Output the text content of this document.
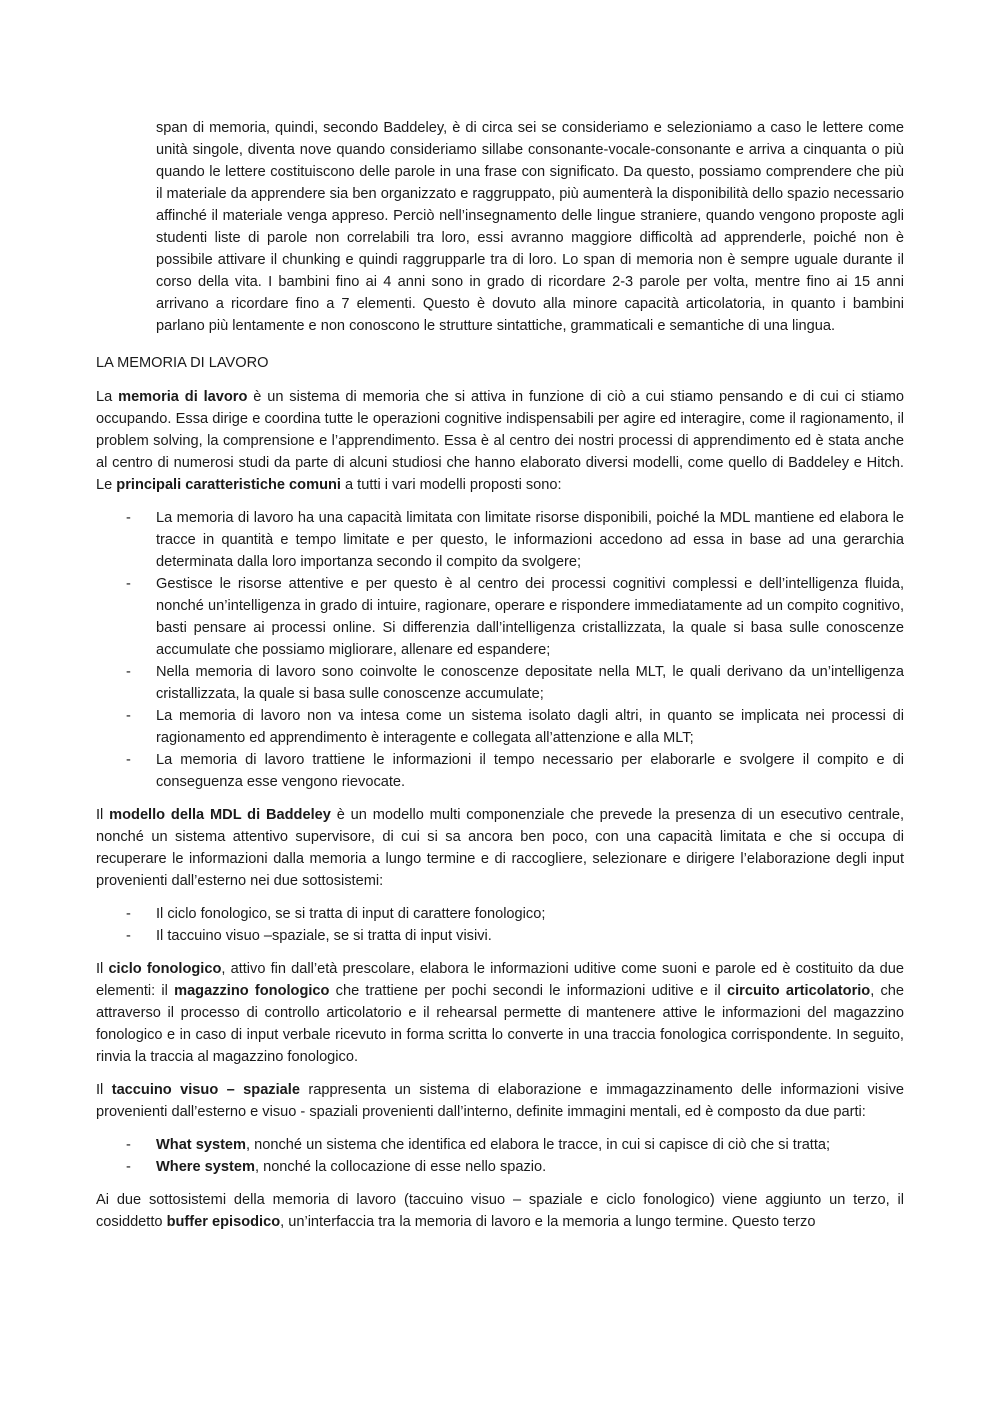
span di memoria, quindi, secondo Baddeley, è di circa sei se consideriamo e selezioniamo a caso le lettere come unità singole, diventa nove quando consideriamo sillabe consonante-vocale-consonante e arriva a cinquanta o più quando le lettere costituiscono delle parole in una frase con significato. Da questo, possiamo comprendere che più il materiale da apprendere sia ben organizzato e raggruppato, più aumenterà la disponibilità dello spazio necessario affinché il materiale venga appreso. Perciò nell’insegnamento delle lingue straniere, quando vengono proposte agli studenti liste di parole non correlabili tra loro, essi avranno maggiore difficoltà ad apprenderle, poiché non è possibile attivare il chunking e quindi raggrupparle tra di loro. Lo span di memoria non è sempre uguale durante il corso della vita. I bambini fino ai 4 anni sono in grado di ricordare 2-3 parole per volta, mentre fino ai 15 anni arrivano a ricordare fino a 7 elementi. Questo è dovuto alla minore capacità articolatoria, in quanto i bambini parlano più lentamente e non conoscono le strutture sintattiche, grammaticali e semantiche di una lingua.

LA MEMORIA DI LAVORO

La memoria di lavoro è un sistema di memoria che si attiva in funzione di ciò a cui stiamo pensando e di cui ci stiamo occupando. Essa dirige e coordina tutte le operazioni cognitive indispensabili per agire ed interagire, come il ragionamento, il problem solving, la comprensione e l’apprendimento. Essa è al centro dei nostri processi di apprendimento ed è stata anche al centro di numerosi studi da parte di alcuni studiosi che hanno elaborato diversi modelli, come quello di Baddeley e Hitch. Le principali caratteristiche comuni a tutti i vari modelli proposti sono:

- La memoria di lavoro ha una capacità limitata con limitate risorse disponibili, poiché la MDL mantiene ed elabora le tracce in quantità e tempo limitate e per questo, le informazioni accedono ad essa in base ad una gerarchia determinata dalla loro importanza secondo il compito da svolgere;
- Gestisce le risorse attentive e per questo è al centro dei processi cognitivi complessi e dell’intelligenza fluida, nonché un’intelligenza in grado di intuire, ragionare, operare e rispondere immediatamente ad un compito cognitivo, basti pensare ai processi online. Si differenzia dall’intelligenza cristallizzata, la quale si basa sulle conoscenze accumulate che possiamo migliorare, allenare ed espandere;
- Nella memoria di lavoro sono coinvolte le conoscenze depositate nella MLT, le quali derivano da un’intelligenza cristallizzata, la quale si basa sulle conoscenze accumulate;
- La memoria di lavoro non va intesa come un sistema isolato dagli altri, in quanto se implicata nei processi di ragionamento ed apprendimento è interagente e collegata all’attenzione e alla MLT;
- La memoria di lavoro trattiene le informazioni il tempo necessario per elaborarle e svolgere il compito e di conseguenza esse vengono rievocate.

Il modello della MDL di Baddeley è un modello multi componenziale che prevede la presenza di un esecutivo centrale, nonché un sistema attentivo supervisore, di cui si sa ancora ben poco, con una capacità limitata e che si occupa di recuperare le informazioni dalla memoria a lungo termine e di raccogliere, selezionare e dirigere l’elaborazione degli input provenienti dall’esterno nei due sottosistemi:

- Il ciclo fonologico, se si tratta di input di carattere fonologico;
- Il taccuino visuo –spaziale, se si tratta di input visivi.

Il ciclo fonologico, attivo fin dall’età prescolare, elabora le informazioni uditive come suoni e parole ed è costituito da due elementi: il magazzino fonologico che trattiene per pochi secondi le informazioni uditive e il circuito articolatorio, che attraverso il processo di controllo articolatorio e il rehearsal permette di mantenere attive le informazioni del magazzino fonologico e in caso di input verbale ricevuto in forma scritta lo converte in una traccia fonologica corrispondente. In seguito, rinvia la traccia al magazzino fonologico.

Il taccuino visuo – spaziale rappresenta un sistema di elaborazione e immagazzinamento delle informazioni visive provenienti dall’esterno e visuo - spaziali provenienti dall’interno, definite immagini mentali, ed è composto da due parti:

- What system, nonché un sistema che identifica ed elabora le tracce, in cui si capisce di ciò che si tratta;
- Where system, nonché la collocazione di esse nello spazio.

Ai due sottosistemi della memoria di lavoro (taccuino visuo – spaziale e ciclo fonologico) viene aggiunto un terzo, il cosiddetto buffer episodico, un’interfaccia tra la memoria di lavoro e la memoria a lungo termine. Questo terzo
